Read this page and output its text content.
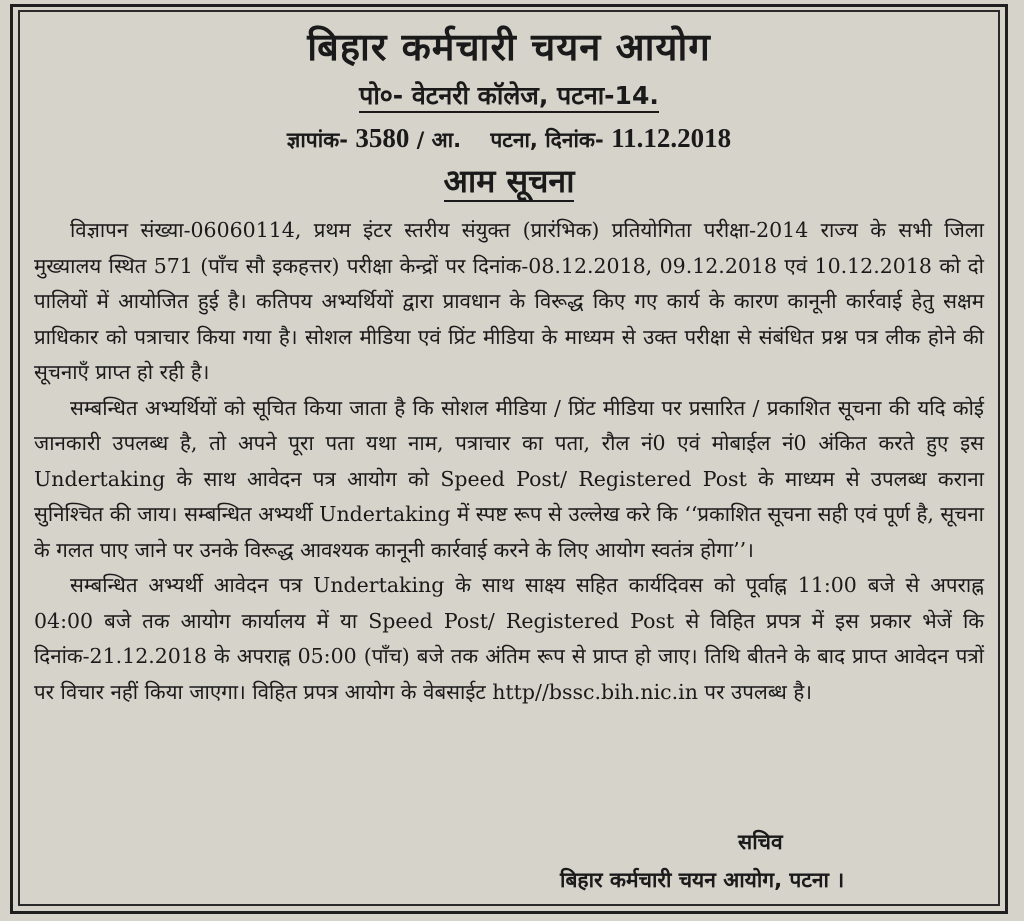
बिहार कर्मचारी चयन आयोग
पो०- वेटनरी कॉलेज, पटना-14.
ज्ञापांक- 3580 / आ. पटना, दिनांक- 11.12.2018
आम सूचना

विज्ञापन संख्या-06060114, प्रथम इंटर स्तरीय संयुक्त (प्रारंभिक) प्रतियोगिता परीक्षा-2014 राज्य के सभी जिला मुख्यालय स्थित 571 (पाँच सौ इकहत्तर) परीक्षा केन्द्रों पर दिनांक-08.12.2018, 09.12.2018 एवं 10.12.2018 को दो पालियों में आयोजित हुई है। कतिपय अभ्यर्थियों द्वारा प्रावधान के विरूद्ध किए गए कार्य के कारण कानूनी कार्रवाई हेतु सक्षम प्राधिकार को पत्राचार किया गया है। सोशल मीडिया एवं प्रिंट मीडिया के माध्यम से उक्त परीक्षा से संबंधित प्रश्न पत्र लीक होने की सूचनाएँ प्राप्त हो रही है।

सम्बन्धित अभ्यर्थियों को सूचित किया जाता है कि सोशल मीडिया / प्रिंट मीडिया पर प्रसारित / प्रकाशित सूचना की यदि कोई जानकारी उपलब्ध है, तो अपने पूरा पता यथा नाम, पत्राचार का पता, रौल नं0 एवं मोबाईल नं0 अंकित करते हुए इस Undertaking के साथ आवेदन पत्र आयोग को Speed Post/ Registered Post के माध्यम से उपलब्ध कराना सुनिश्चित की जाय। सम्बन्धित अभ्यर्थी Undertaking में स्पष्ट रूप से उल्लेख करे कि ‘‘प्रकाशित सूचना सही एवं पूर्ण है, सूचना के गलत पाए जाने पर उनके विरूद्ध आवश्यक कानूनी कार्रवाई करने के लिए आयोग स्वतंत्र होगा’’।

सम्बन्धित अभ्यर्थी आवेदन पत्र Undertaking के साथ साक्ष्य सहित कार्यदिवस को पूर्वाह्न 11:00 बजे से अपराह्न 04:00 बजे तक आयोग कार्यालय में या Speed Post/ Registered Post से विहित प्रपत्र में इस प्रकार भेजें कि दिनांक-21.12.2018 के अपराह्न 05:00 (पाँच) बजे तक अंतिम रूप से प्राप्त हो जाए। तिथि बीतने के बाद प्राप्त आवेदन पत्रों पर विचार नहीं किया जाएगा। विहित प्रपत्र आयोग के वेबसाईट http//bssc.bih.nic.in पर उपलब्ध है।

सचिव
बिहार कर्मचारी चयन आयोग, पटना ।
